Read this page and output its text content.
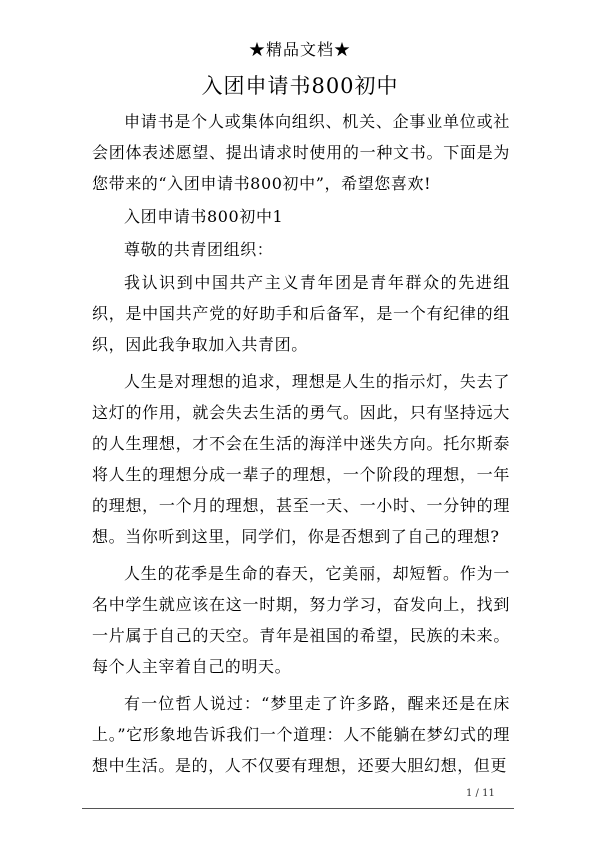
★精品文档★
入团申请书800初中

申请书是个人或集体向组织、机关、企事业单位或社会团体表述愿望、提出请求时使用的一种文书。下面是为您带来的“入团申请书800初中”，希望您喜欢!

入团申请书800初中1

尊敬的共青团组织：

我认识到中国共产主义青年团是青年群众的先进组织，是中国共产党的好助手和后备军，是一个有纪律的组织，因此我争取加入共青团。

人生是对理想的追求，理想是人生的指示灯，失去了这灯的作用，就会失去生活的勇气。因此，只有坚持远大的人生理想，才不会在生活的海洋中迷失方向。托尔斯泰将人生的理想分成一辈子的理想，一个阶段的理想，一年的理想，一个月的理想，甚至一天、一小时、一分钟的理想。当你听到这里，同学们，你是否想到了自己的理想?

人生的花季是生命的春天，它美丽，却短暂。作为一名中学生就应该在这一时期，努力学习，奋发向上，找到一片属于自己的天空。青年是祖国的希望，民族的未来。每个人主宰着自己的明天。

有一位哲人说过：“梦里走了许多路，醒来还是在床上。”它形象地告诉我们一个道理：人不能躺在梦幻式的理想中生活。是的，人不仅要有理想，还要大胆幻想，但更

1 / 11
